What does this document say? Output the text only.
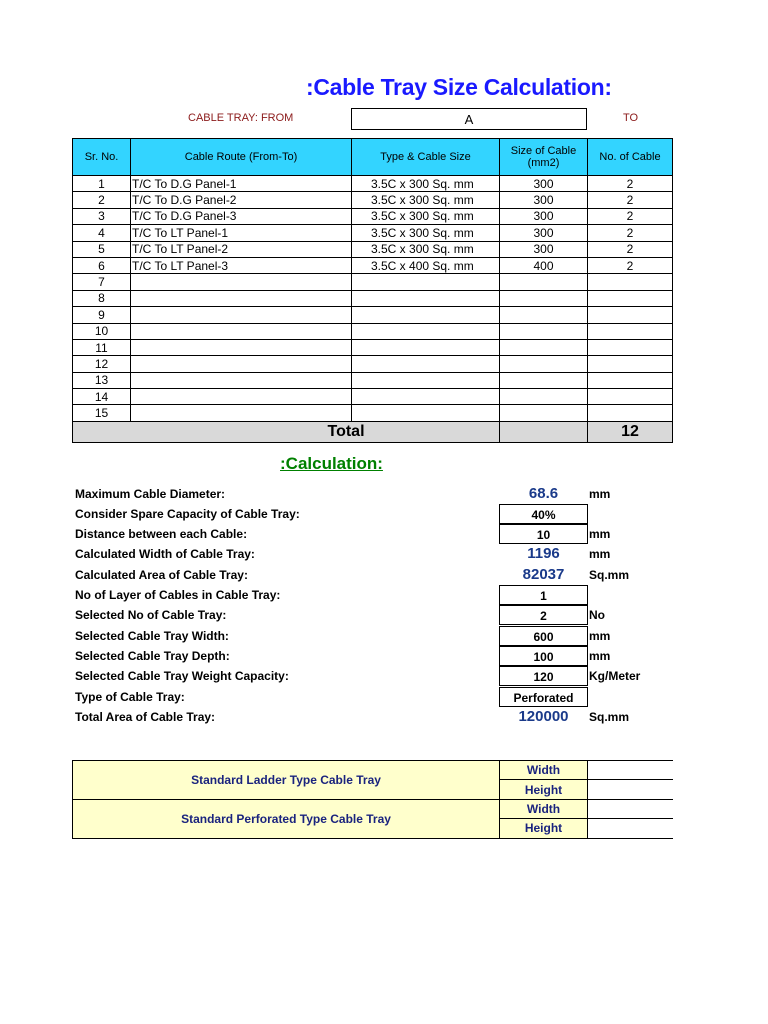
:Cable Tray Size Calculation:
CABLE TRAY: FROM	A	TO
Sr. No.	Cable Route (From-To)	Type & Cable Size	Size of Cable (mm2)	No. of Cable
1	T/C To D.G Panel-1	3.5C x 300 Sq. mm	300	2
2	T/C To D.G Panel-2	3.5C x 300 Sq. mm	300	2
3	T/C To D.G Panel-3	3.5C x 300 Sq. mm	300	2
4	T/C To LT Panel-1	3.5C x 300 Sq. mm	300	2
5	T/C To LT Panel-2	3.5C x 300 Sq. mm	300	2
6	T/C To LT Panel-3	3.5C x 400 Sq. mm	400	2
7				
8				
9				
10				
11				
12				
13				
14				
15				
Total				12
:Calculation:
Maximum Cable Diameter:	68.6	mm
Consider Spare Capacity of Cable Tray:	40%
Distance between each Cable:	10	mm
Calculated Width of Cable Tray:	1196	mm
Calculated Area of Cable Tray:	82037	Sq.mm
No of Layer of Cables in Cable Tray:	1
Selected No of Cable Tray:	2	No
Selected Cable Tray Width:	600	mm
Selected Cable Tray Depth:	100	mm
Selected Cable Tray Weight Capacity:	120	Kg/Meter
Type of Cable Tray:	Perforated
Total Area of Cable Tray:	120000	Sq.mm
Standard Ladder Type Cable Tray	Width	
	Height	
Standard Perforated Type Cable Tray	Width	
	Height	
